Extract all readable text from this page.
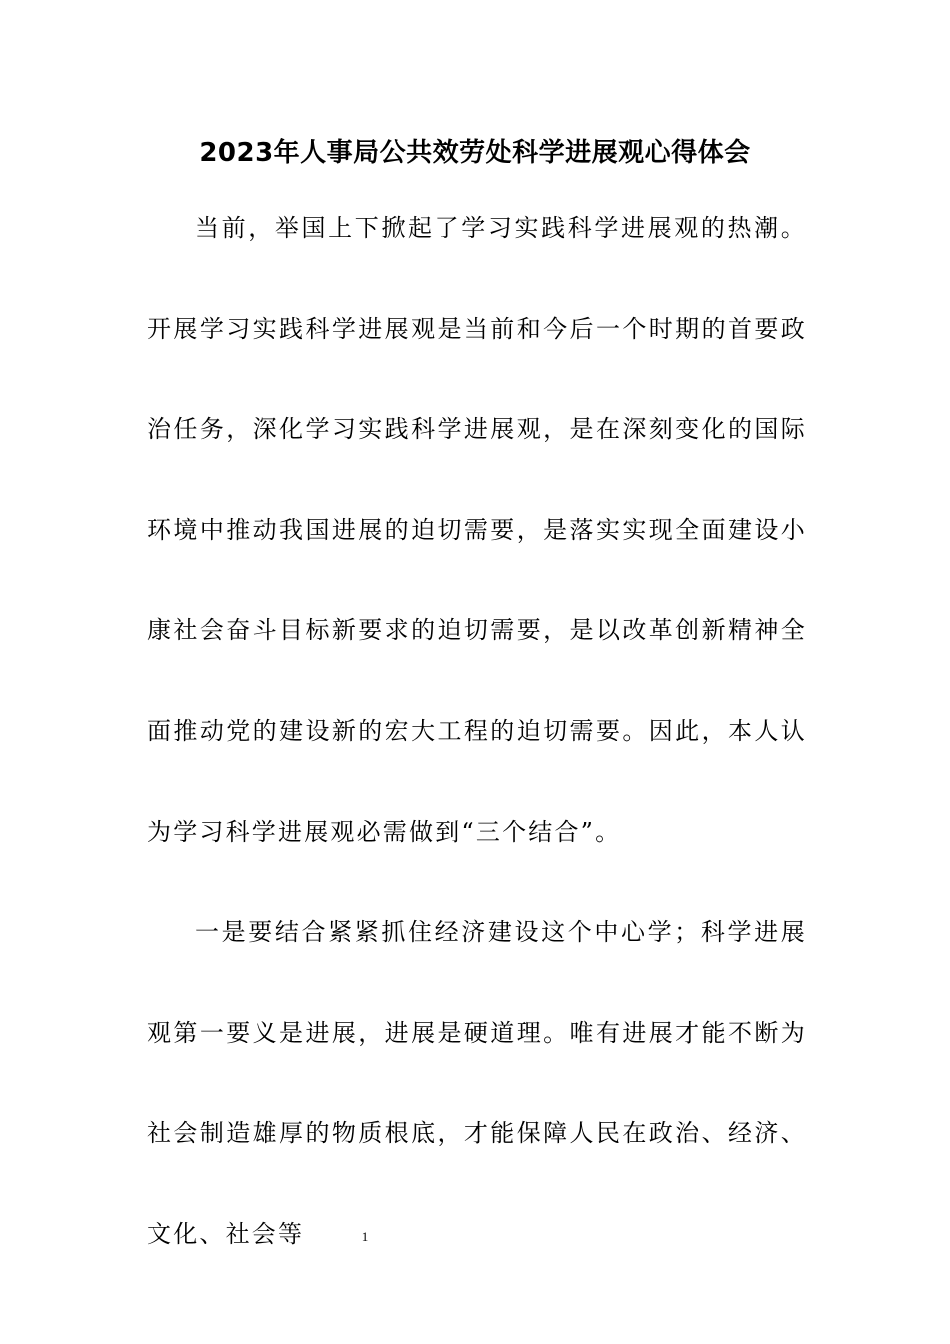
2023年人事局公共效劳处科学进展观心得体会

当前，举国上下掀起了学习实践科学进展观的热潮。开展学习实践科学进展观是当前和今后一个时期的首要政治任务，深化学习实践科学进展观，是在深刻变化的国际环境中推动我国进展的迫切需要，是落实实现全面建设小康社会奋斗目标新要求的迫切需要，是以改革创新精神全面推动党的建设新的宏大工程的迫切需要。因此，本人认为学习科学进展观必需做到“三个结合”。

一是要结合紧紧抓住经济建设这个中心学；科学进展观第一要义是进展，进展是硬道理。唯有进展才能不断为社会制造雄厚的物质根底，才能保障人民在政治、经济、文化、社会等	1
